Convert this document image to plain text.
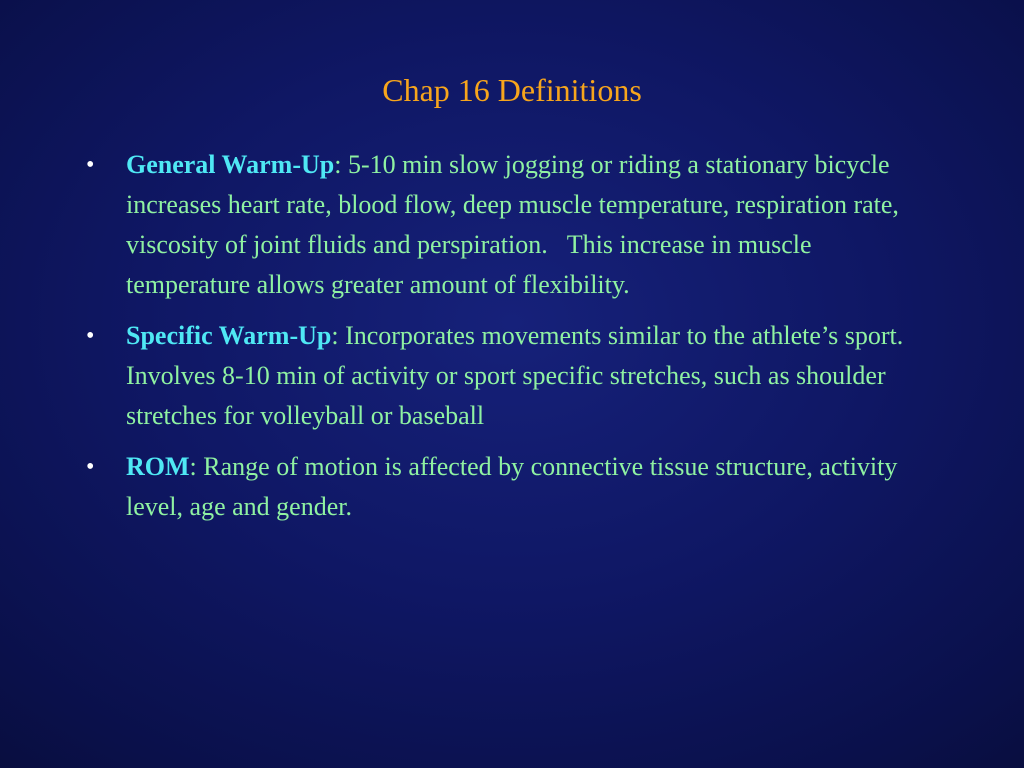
Chap 16 Definitions
• General Warm-Up: 5-10 min slow jogging or riding a stationary bicycle increases heart rate, blood flow, deep muscle temperature, respiration rate, viscosity of joint fluids and perspiration.   This increase in muscle temperature allows greater amount of flexibility.
• Specific Warm-Up: Incorporates movements similar to the athlete’s sport.  Involves 8-10 min of activity or sport specific stretches, such as shoulder stretches for volleyball or baseball
• ROM: Range of motion is affected by connective tissue structure, activity level, age and gender.
